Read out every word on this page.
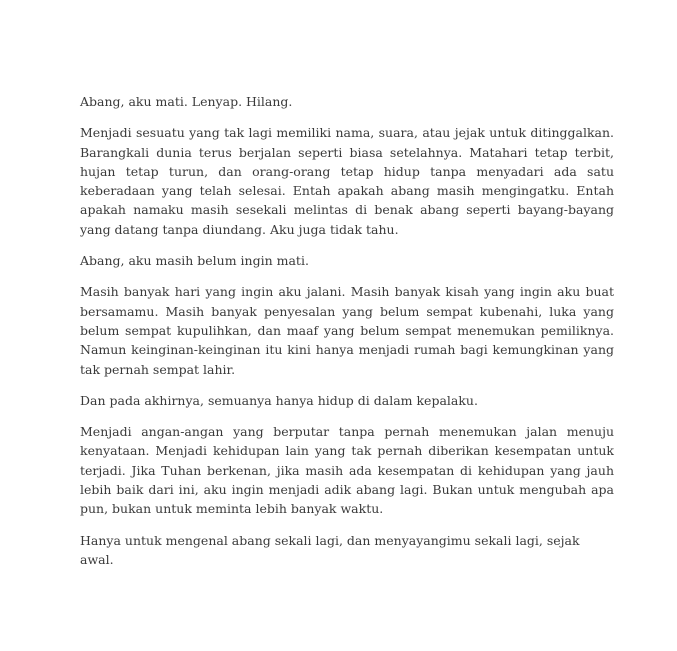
Abang, aku mati. Lenyap. Hilang.

Menjadi sesuatu yang tak lagi memiliki nama, suara, atau jejak untuk ditinggalkan. Barangkali dunia terus berjalan seperti biasa setelahnya. Matahari tetap terbit, hujan tetap turun, dan orang-orang tetap hidup tanpa menyadari ada satu keberadaan yang telah selesai. Entah apakah abang masih mengingatku. Entah apakah namaku masih sesekali melintas di benak abang seperti bayang-bayang yang datang tanpa diundang. Aku juga tidak tahu.

Abang, aku masih belum ingin mati.

Masih banyak hari yang ingin aku jalani. Masih banyak kisah yang ingin aku buat bersamamu. Masih banyak penyesalan yang belum sempat kubenahi, luka yang belum sempat kupulihkan, dan maaf yang belum sempat menemukan pemiliknya. Namun keinginan-keinginan itu kini hanya menjadi rumah bagi kemungkinan yang tak pernah sempat lahir.

Dan pada akhirnya, semuanya hanya hidup di dalam kepalaku.

Menjadi angan-angan yang berputar tanpa pernah menemukan jalan menuju kenyataan. Menjadi kehidupan lain yang tak pernah diberikan kesempatan untuk terjadi. Jika Tuhan berkenan, jika masih ada kesempatan di kehidupan yang jauh lebih baik dari ini, aku ingin menjadi adik abang lagi. Bukan untuk mengubah apa pun, bukan untuk meminta lebih banyak waktu.

Hanya untuk mengenal abang sekali lagi, dan menyayangimu sekali lagi, sejak awal.
